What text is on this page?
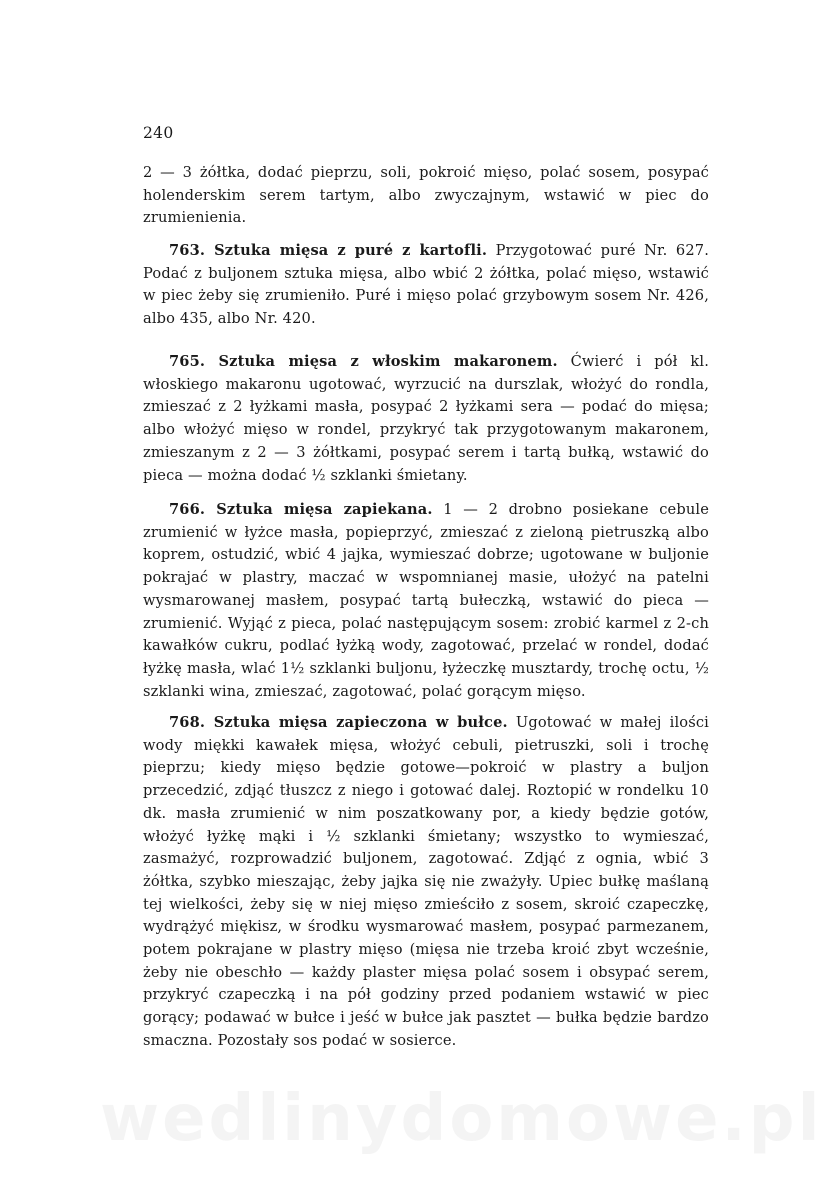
240
2 — 3 żółtka, dodać pieprzu, soli, pokroić mięso, polać sosem, posypać holenderskim serem tartym, albo zwyczajnym, wstawić w piec do zrumienienia.
763. Sztuka mięsa z puré z kartofli. Przygotować puré Nr. 627. Podać z buljonem sztuka mięsa, albo wbić 2 żółtka, polać mięso, wstawić w piec żeby się zrumieniło. Puré i mięso polać grzybowym sosem Nr. 426, albo 435, albo Nr. 420.
765. Sztuka mięsa z włoskim makaronem. Ćwierć i pół kl. włoskiego makaronu ugotować, wyrzucić na durszlak, włożyć do rondla, zmieszać z 2 łyżkami masła, posypać 2 łyżkami sera — podać do mięsa; albo włożyć mięso w rondel, przykryć tak przygotowanym makaronem, zmieszanym z 2 — 3 żółtkami, posypać serem i tartą bułką, wstawić do pieca — można dodać ½ szklanki śmietany.
766. Sztuka mięsa zapiekana. 1 — 2 drobno posiekane cebule zrumienić w łyżce masła, popieprzyć, zmieszać z zieloną pietruszką albo koprem, ostudzić, wbić 4 jajka, wymieszać dobrze; ugotowane w buljonie pokrajać w plastry, maczać w wspomnianej masie, ułożyć na patelni wysmarowanej masłem, posypać tartą bułeczką, wstawić do pieca — zrumienić. Wyjąć z pieca, polać następującym sosem: zrobić karmel z 2-ch kawałków cukru, podlać łyżką wody, zagotować, przelać w rondel, dodać łyżkę masła, wlać 1½ szklanki buljonu, łyżeczkę musztardy, trochę octu, ½ szklanki wina, zmieszać, zagotować, polać gorącym mięso.
768. Sztuka mięsa zapieczona w bułce. Ugotować w małej ilości wody miękki kawałek mięsa, włożyć cebuli, pietruszki, soli i trochę pieprzu; kiedy mięso będzie gotowe—pokroić w plastry a buljon przecedzić, zdjąć tłuszcz z niego i gotować dalej. Roztopić w rondelku 10 dk. masła zrumienić w nim poszatkowany por, a kiedy będzie gotów, włożyć łyżkę mąki i ½ szklanki śmietany; wszystko to wymieszać, zasmażyć, rozprowadzić buljonem, zagotować. Zdjąć z ognia, wbić 3 żółtka, szybko mieszając, żeby jajka się nie zważyły. Upiec bułkę maślaną tej wielkości, żeby się w niej mięso zmieściło z sosem, skroić czapeczkę, wydrążyć miękisz, w środku wysmarować masłem, posypać parmezanem, potem pokrajane w plastry mięso (mięsa nie trzeba kroić zbyt wcześnie, żeby nie obeschło — każdy plaster mięsa polać sosem i obsypać serem, przykryć czapeczką i na pół godziny przed podaniem wstawić w piec gorący; podawać w bułce i jeść w bułce jak pasztet — bułka będzie bardzo smaczna. Pozostały sos podać w sosierce.
wedlinydomowe.pl
